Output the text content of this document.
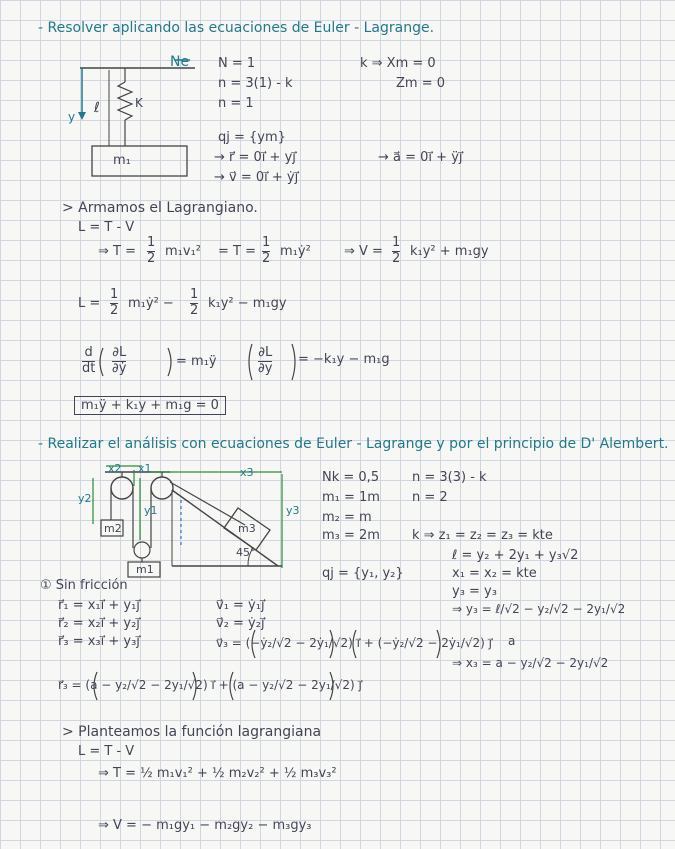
- Resolver aplicando las ecuaciones de Euler - Lagrange.
Ne
y
ℓ	K
m₁
N = 1
n = 3(1) - k
n = 1
k ⇒ Xm = 0
Zm = 0
qj = {ym}
→ r⃗ = 0i⃗ + yj⃗
→ v⃗ = 0i⃗ + ẏj⃗
→ a⃗ = 0i⃗ + ÿj⃗
> Armamos el Lagrangiano.
L = T - V
⇒ T =
1
2 m₁v₁² = T =
1
2 m₁ẏ²	⇒ V =
1
2 k₁y² + m₁gy
L =
1
2 m₁ẏ² −
1
2 k₁y² − m₁gy
d
dt
∂L
∂ẏ	= m₁ÿ
∂L
∂y
= −k₁y − m₁g
m₁ÿ + k₁y + m₁g = 0
- Realizar el análisis con ecuaciones de Euler - Lagrange y por el principio de D' Alembert.
x2 x1	x3
y2
y1	y3
m2
m1
m3
45°
Nk = 0,5	n = 3(3) - k
m₁ = 1m n = 2
m₂ = m
m₃ = 2m k ⇒ z₁ = z₂ = z₃ = kte
ℓ = y₂ + 2y₁ + y₃√2
qj = {y₁, y₂}	x₁ = x₂ = kte
y₃ = y₃
① Sin fricción
r⃗₁ = x₁i⃗ + y₁j⃗
r⃗₂ = x₂i⃗ + y₂j⃗
r⃗₃ = x₃i⃗ + y₃j⃗
v⃗₁ = ẏ₁j⃗
v⃗₂ = ẏ₂j⃗
v⃗₃ = (−ẏ₂/√2 − 2ẏ₁/√2) i⃗ + (−ẏ₂/√2 − 2ẏ₁/√2) j⃗
r⃗₃ = (a − y₂/√2 − 2y₁/√2) i⃗ + (a − y₂/√2 − 2y₁/√2) j⃗
⇒ y₃ = ℓ/√2 − y₂/√2 − 2y₁/√2
a
⇒ x₃ = a − y₂/√2 − 2y₁/√2
> Planteamos la función lagrangiana
L = T - V
⇒ T = ½ m₁v₁² + ½ m₂v₂² + ½ m₃v₃²
⇒ V = − m₁gy₁ − m₂gy₂ − m₃gy₃
